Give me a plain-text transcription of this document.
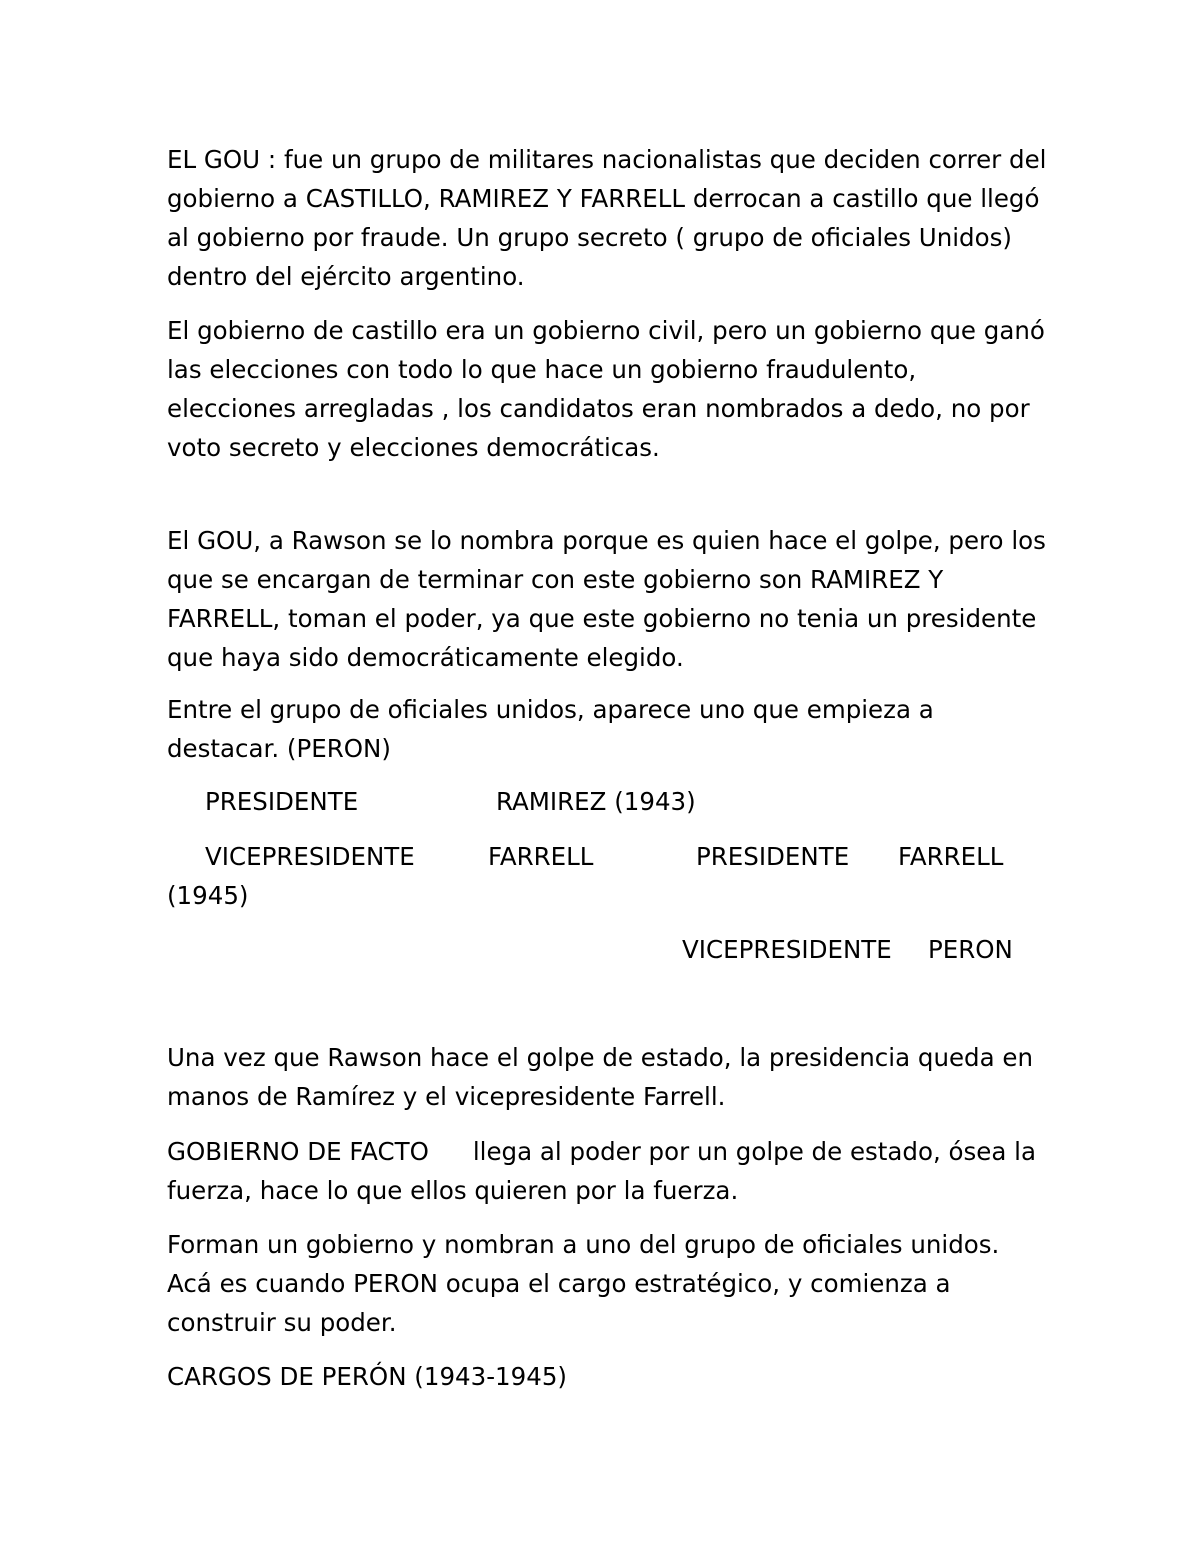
EL GOU : fue un grupo de militares nacionalistas que deciden correr del gobierno a CASTILLO, RAMIREZ Y FARRELL derrocan a castillo que llegó al gobierno por fraude. Un grupo secreto ( grupo de oficiales Unidos) dentro del ejército argentino.

El gobierno de castillo era un gobierno civil, pero un gobierno que ganó las elecciones con todo lo que hace un gobierno fraudulento, elecciones arregladas , los candidatos eran nombrados a dedo, no por voto secreto y elecciones democráticas.

El GOU, a Rawson se lo nombra porque es quien hace el golpe, pero los que se encargan de terminar con este gobierno son RAMIREZ Y FARRELL, toman el poder, ya que este gobierno no tenia un presidente que haya sido democráticamente elegido.

Entre el grupo de oficiales unidos, aparece uno que empieza a destacar. (PERON)

PRESIDENTE	RAMIREZ (1943)
VICEPRESIDENTE	FARRELL	PRESIDENTE FARRELL
(1945)
VICEPRESIDENTE PERON

Una vez que Rawson hace el golpe de estado, la presidencia queda en manos de Ramírez y el vicepresidente Farrell.

GOBIERNO DE FACTO llega al poder por un golpe de estado, ósea la fuerza, hace lo que ellos quieren por la fuerza.

Forman un gobierno y nombran a uno del grupo de oficiales unidos. Acá es cuando PERON ocupa el cargo estratégico, y comienza a construir su poder.

CARGOS DE PERÓN (1943-1945)
